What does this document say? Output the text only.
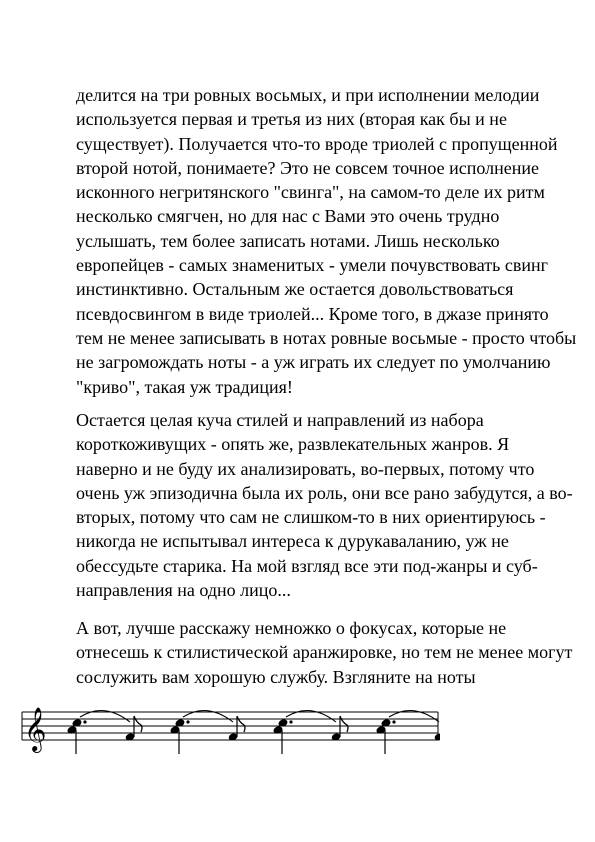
делится на три ровных восьмых, и при исполнении мелодии
используется первая и третья из них (вторая как бы и не
существует). Получается что-то вроде триолей с пропущенной
второй нотой, понимаете? Это не совсем точное исполнение
исконного негритянского "свинга", на самом-то деле их ритм
несколько смягчен, но для нас с Вами это очень трудно
услышать, тем более записать нотами. Лишь несколько
европейцев - самых знаменитых - умели почувствовать свинг
инстинктивно. Остальным же остается довольствоваться
псевдосвингом в виде триолей... Кроме того, в джазе принято
тем не менее записывать в нотах ровные восьмые - просто чтобы
не загромождать ноты - а уж играть их следует по умолчанию
"криво", такая уж традиция!
Остается целая куча стилей и направлений из набора
короткоживущих - опять же, развлекательных жанров. Я
наверно и не буду их анализировать, во-первых, потому что
очень уж эпизодична была их роль, они все рано забудутся, а во-
вторых, потому что сам не слишком-то в них ориентируюсь -
никогда не испытывал интереса к дурукаваланию, уж не
обессудьте старика. На мой взгляд все эти под-жанры и суб-
направления на одно лицо...
А вот, лучше расскажу немножко о фокусах, которые не
отнесешь к стилистической аранжировке, но тем не менее могут
сослужить вам хорошую службу. Взгляните на ноты
𝄞
